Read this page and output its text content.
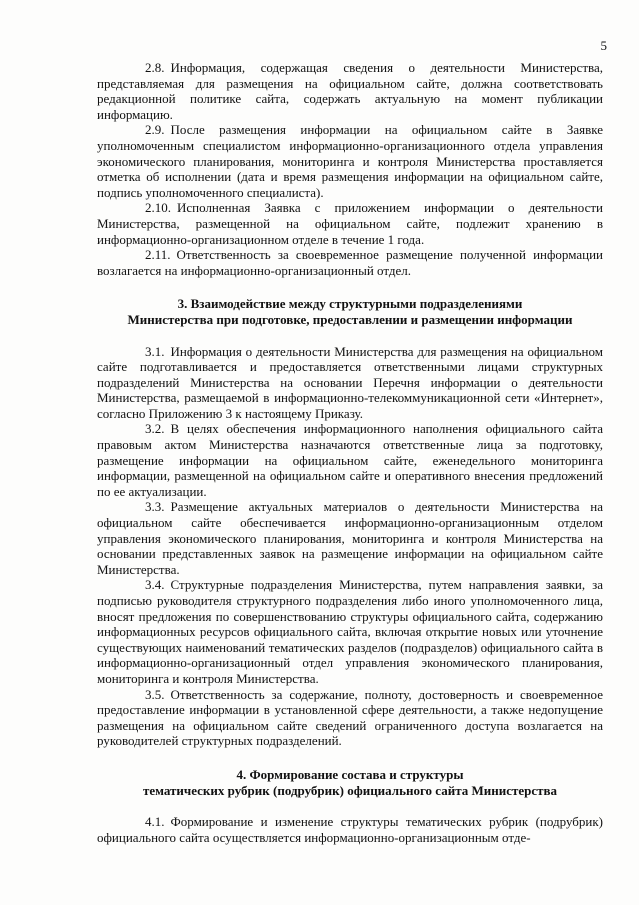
5

2.8. Информация, содержащая сведения о деятельности Министерства, представляемая для размещения на официальном сайте, должна соответствовать редакционной политике сайта, содержать актуальную на момент публикации информацию.

2.9. После размещения информации на официальном сайте в Заявке уполномоченным специалистом информационно-организационного отдела управления экономического планирования, мониторинга и контроля Министерства проставляется отметка об исполнении (дата и время размещения информации на официальном сайте, подпись уполномоченного специалиста).

2.10. Исполненная Заявка с приложением информации о деятельности Министерства, размещенной на официальном сайте, подлежит хранению в информационно-организационном отделе в течение 1 года.

2.11. Ответственность за своевременное размещение полученной информации возлагается на информационно-организационный отдел.

3. Взаимодействие между структурными подразделениями
Министерства при подготовке, предоставлении и размещении информации

3.1. Информация о деятельности Министерства для размещения на официальном сайте подготавливается и предоставляется ответственными лицами структурных подразделений Министерства на основании Перечня информации о деятельности Министерства, размещаемой в информационно-телекоммуникационной сети «Интернет», согласно Приложению 3 к настоящему Приказу.

3.2. В целях обеспечения информационного наполнения официального сайта правовым актом Министерства назначаются ответственные лица за подготовку, размещение информации на официальном сайте, еженедельного мониторинга информации, размещенной на официальном сайте и оперативного внесения предложений по ее актуализации.

3.3. Размещение актуальных материалов о деятельности Министерства на официальном сайте обеспечивается информационно-организационным отделом управления экономического планирования, мониторинга и контроля Министерства на основании представленных заявок на размещение информации на официальном сайте Министерства.

3.4. Структурные подразделения Министерства, путем направления заявки, за подписью руководителя структурного подразделения либо иного уполномоченного лица, вносят предложения по совершенствованию структуры официального сайта, содержанию информационных ресурсов официального сайта, включая открытие новых или уточнение существующих наименований тематических разделов (подразделов) официального сайта в информационно-организационный отдел управления экономического планирования, мониторинга и контроля Министерства.

3.5. Ответственность за содержание, полноту, достоверность и своевременное предоставление информации в установленной сфере деятельности, а также недопущение размещения на официальном сайте сведений ограниченного доступа возлагается на руководителей структурных подразделений.

4. Формирование состава и структуры
тематических рубрик (подрубрик) официального сайта Министерства

4.1. Формирование и изменение структуры тематических рубрик (подрубрик) официального сайта осуществляется информационно-организационным отде-
